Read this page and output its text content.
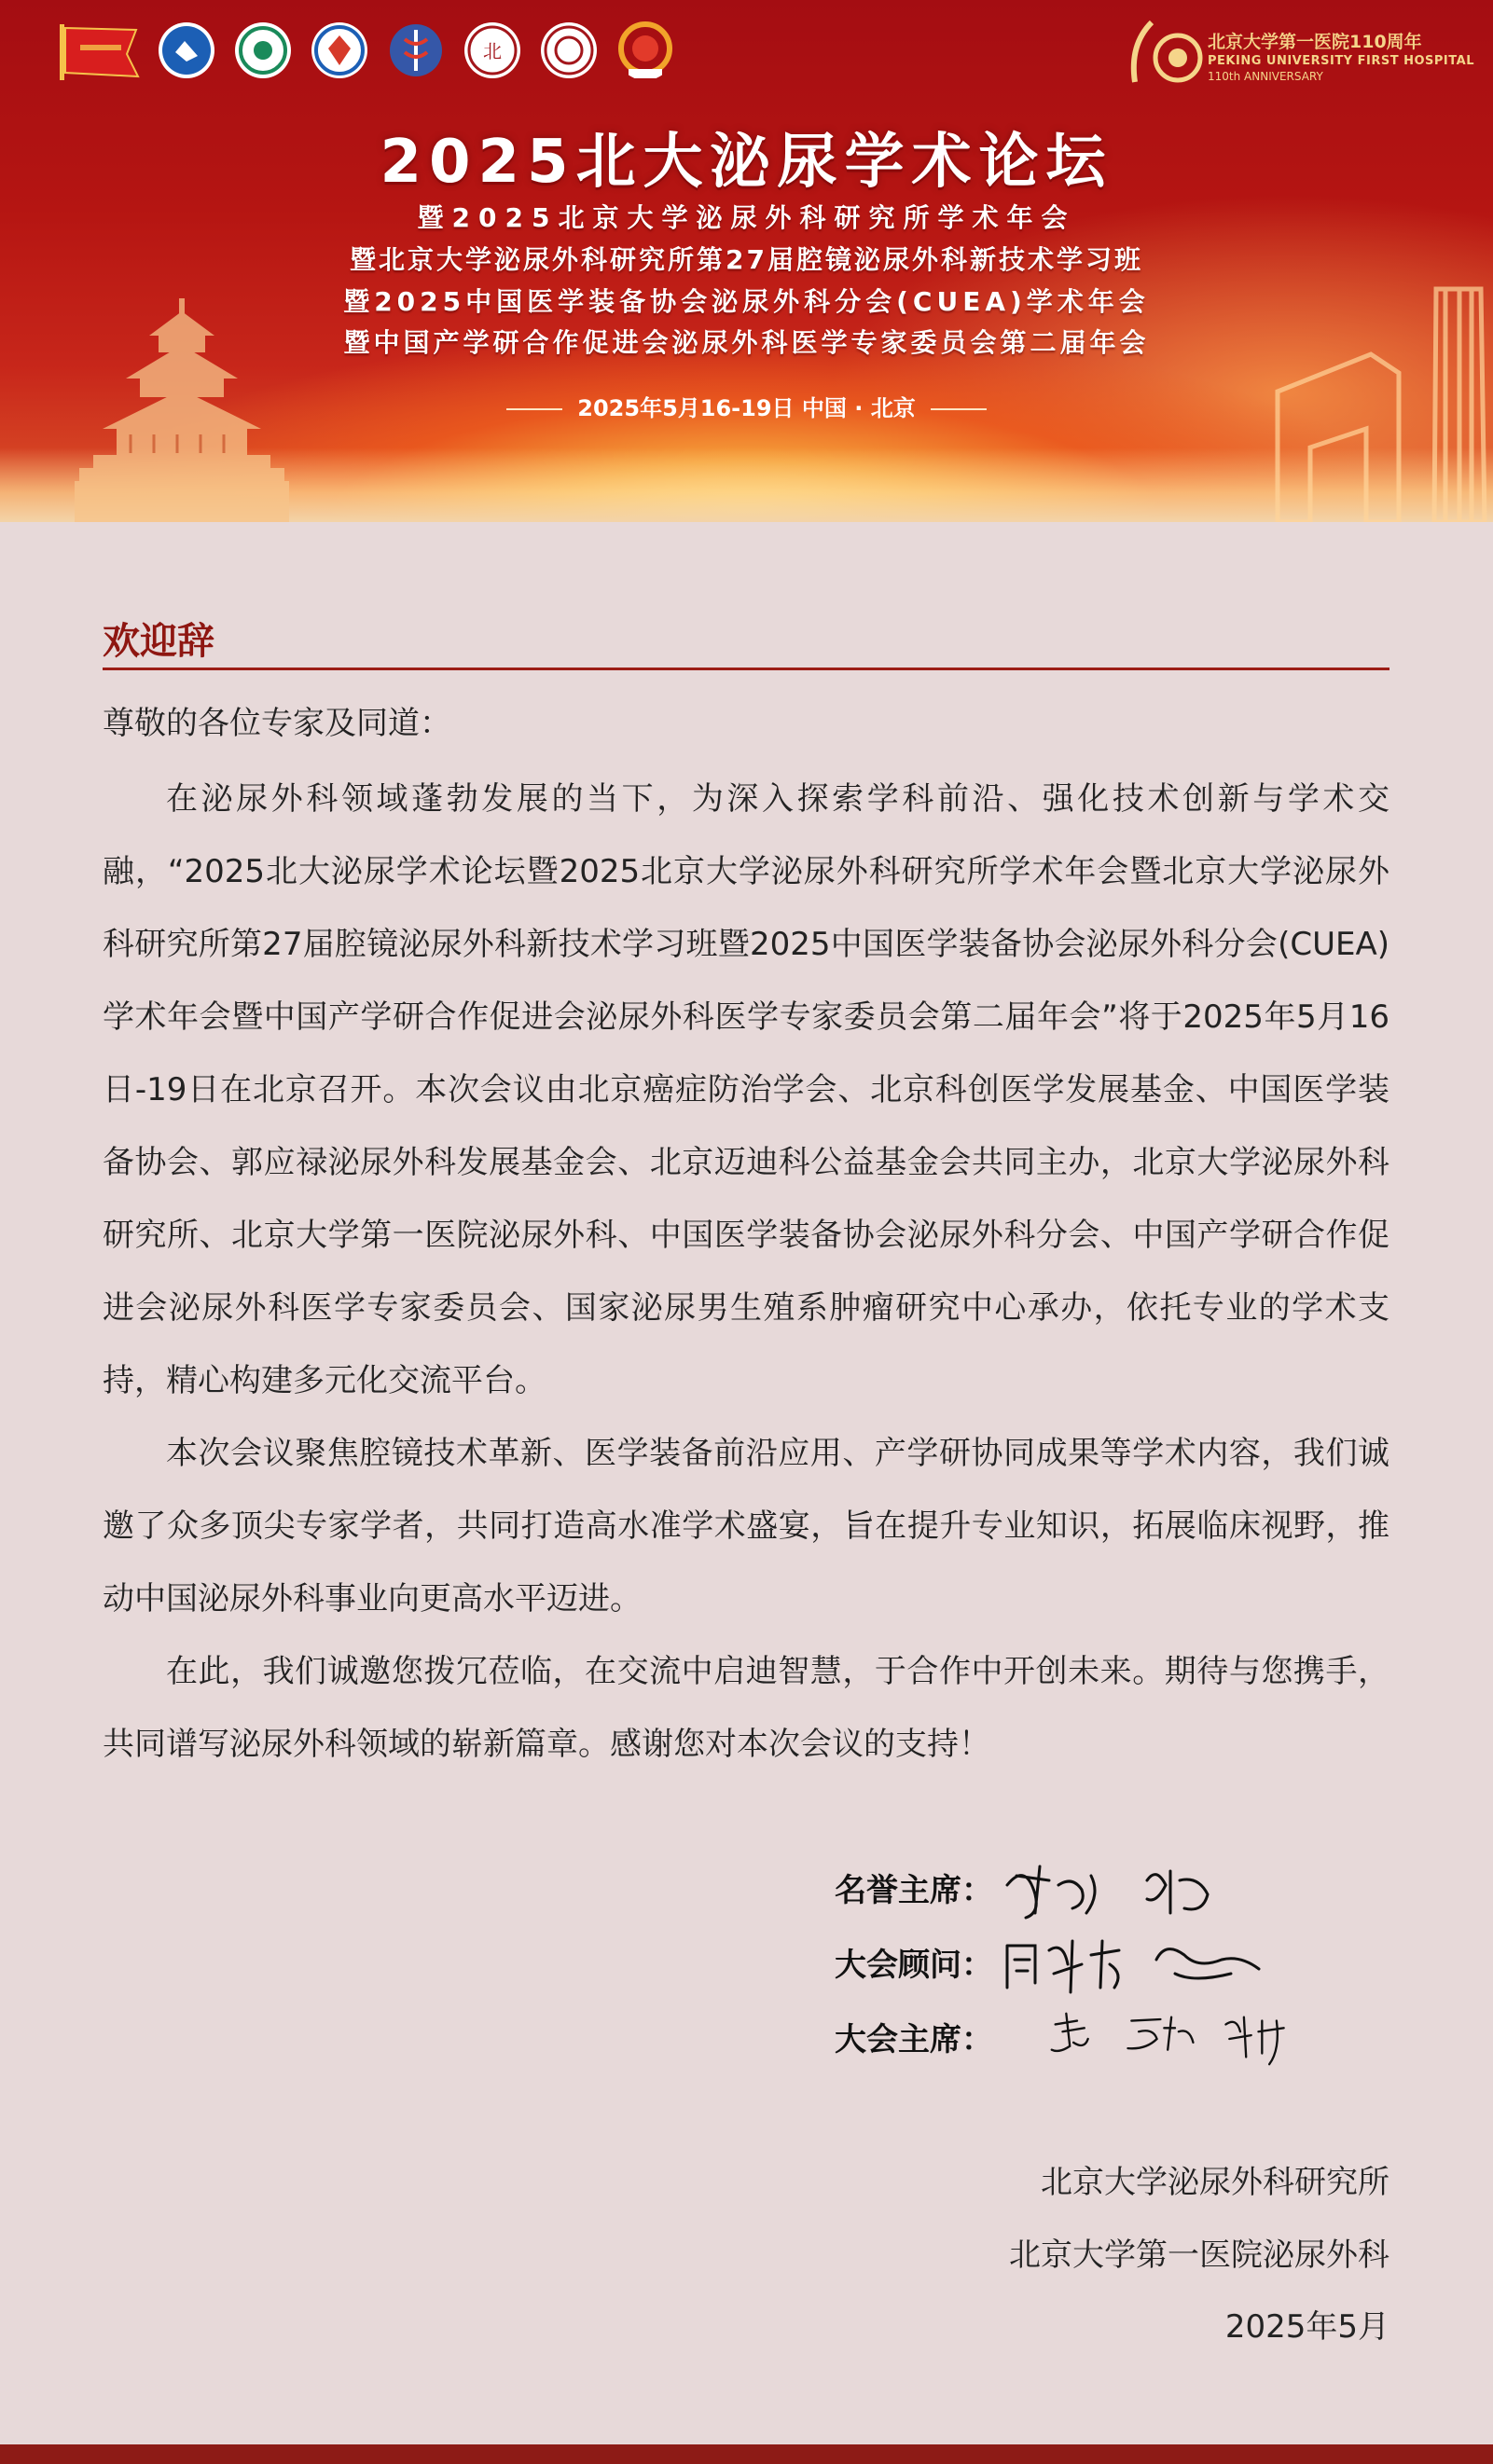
北	北京大学第一医院110周年
PEKING UNIVERSITY FIRST HOSPITAL
110th ANNIVERSARY
2025北大泌尿学术论坛
暨2025北京大学泌尿外科研究所学术年会
暨北京大学泌尿外科研究所第27届腔镜泌尿外科新技术学习班
暨2025中国医学装备协会泌尿外科分会(CUEA)学术年会
暨中国产学研合作促进会泌尿外科医学专家委员会第二届年会
2025年5月16-19日 中国 · 北京
欢迎辞
尊敬的各位专家及同道：

在泌尿外科领域蓬勃发展的当下，为深入探索学科前沿、强化技术创新与学术交融，“2025北大泌尿学术论坛暨2025北京大学泌尿外科研究所学术年会暨北京大学泌尿外科研究所第27届腔镜泌尿外科新技术学习班暨2025中国医学装备协会泌尿外科分会(CUEA)学术年会暨中国产学研合作促进会泌尿外科医学专家委员会第二届年会”将于2025年5月16日-19日在北京召开。本次会议由北京癌症防治学会、北京科创医学发展基金、中国医学装备协会、郭应禄泌尿外科发展基金会、北京迈迪科公益基金会共同主办，北京大学泌尿外科研究所、北京大学第一医院泌尿外科、中国医学装备协会泌尿外科分会、中国产学研合作促进会泌尿外科医学专家委员会、国家泌尿男生殖系肿瘤研究中心承办，依托专业的学术支持，精心构建多元化交流平台。

本次会议聚焦腔镜技术革新、医学装备前沿应用、产学研协同成果等学术内容，我们诚邀了众多顶尖专家学者，共同打造高水准学术盛宴，旨在提升专业知识，拓展临床视野，推动中国泌尿外科事业向更高水平迈进。

在此，我们诚邀您拨冗莅临，在交流中启迪智慧，于合作中开创未来。期待与您携手，共同谱写泌尿外科领域的崭新篇章。感谢您对本次会议的支持！

名誉主席：
大会顾问：
大会主席：
北京大学泌尿外科研究所
北京大学第一医院泌尿外科
2025年5月
